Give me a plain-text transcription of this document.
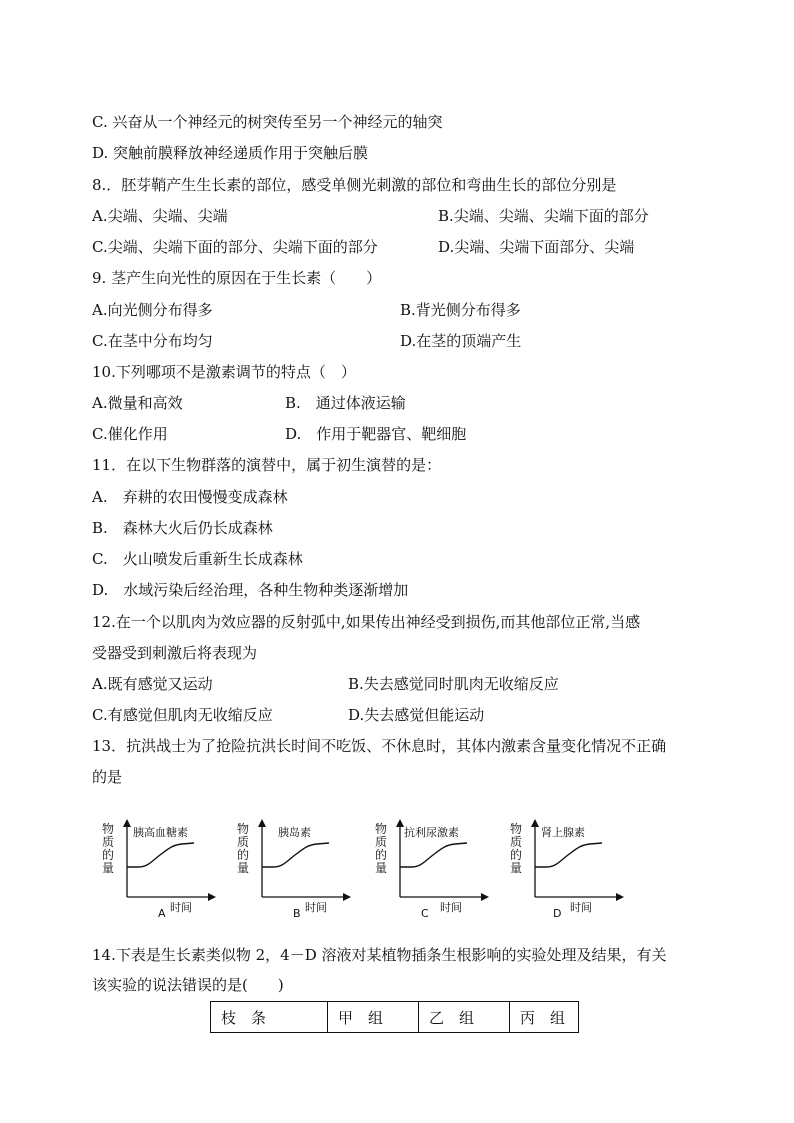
C. 兴奋从一个神经元的树突传至另一个神经元的轴突
D. 突触前膜释放神经递质作用于突触后膜
8.．胚芽鞘产生生长素的部位，感受单侧光刺激的部位和弯曲生长的部位分别是
A.尖端、尖端、尖端	B.尖端、尖端、尖端下面的部分
C.尖端、尖端下面的部分、尖端下面的部分	D.尖端、尖端下面部分、尖端
9. 茎产生向光性的原因在于生长素（　　）
A.向光侧分布得多	B.背光侧分布得多
C.在茎中分布均匀	D.在茎的顶端产生
10.下列哪项不是激素调节的特点（　）
A.微量和高效	B.　通过体液运输
C.催化作用	D.　作用于靶器官、靶细胞
11．在以下生物群落的演替中，属于初生演替的是：
A.　弃耕的农田慢慢变成森林
B.　森林大火后仍长成森林
C.　火山喷发后重新生长成森林
D.　水域污染后经治理，各种生物种类逐渐增加
12.在一个以肌肉为效应器的反射弧中,如果传出神经受到损伤,而其他部位正常,当感
受器受到刺激后将表现为
A.既有感觉又运动	B.失去感觉同时肌肉无收缩反应
C.有感觉但肌肉无收缩反应	D.失去感觉但能运动
13．抗洪战士为了抢险抗洪长时间不吃饭、不休息时，其体内激素含量变化情况不正确
的是
物质的量
胰高血糖素
时间
A
物质的量
胰岛素
时间
B
物质的量
抗利尿激素
时间
C
物质的量
肾上腺素
时间
D
14.下表是生长素类似物 2，4－D 溶液对某植物插条生根影响的实验处理及结果，有关
该实验的说法错误的是(　　)
枝　条	甲　组	乙　组	丙　组
